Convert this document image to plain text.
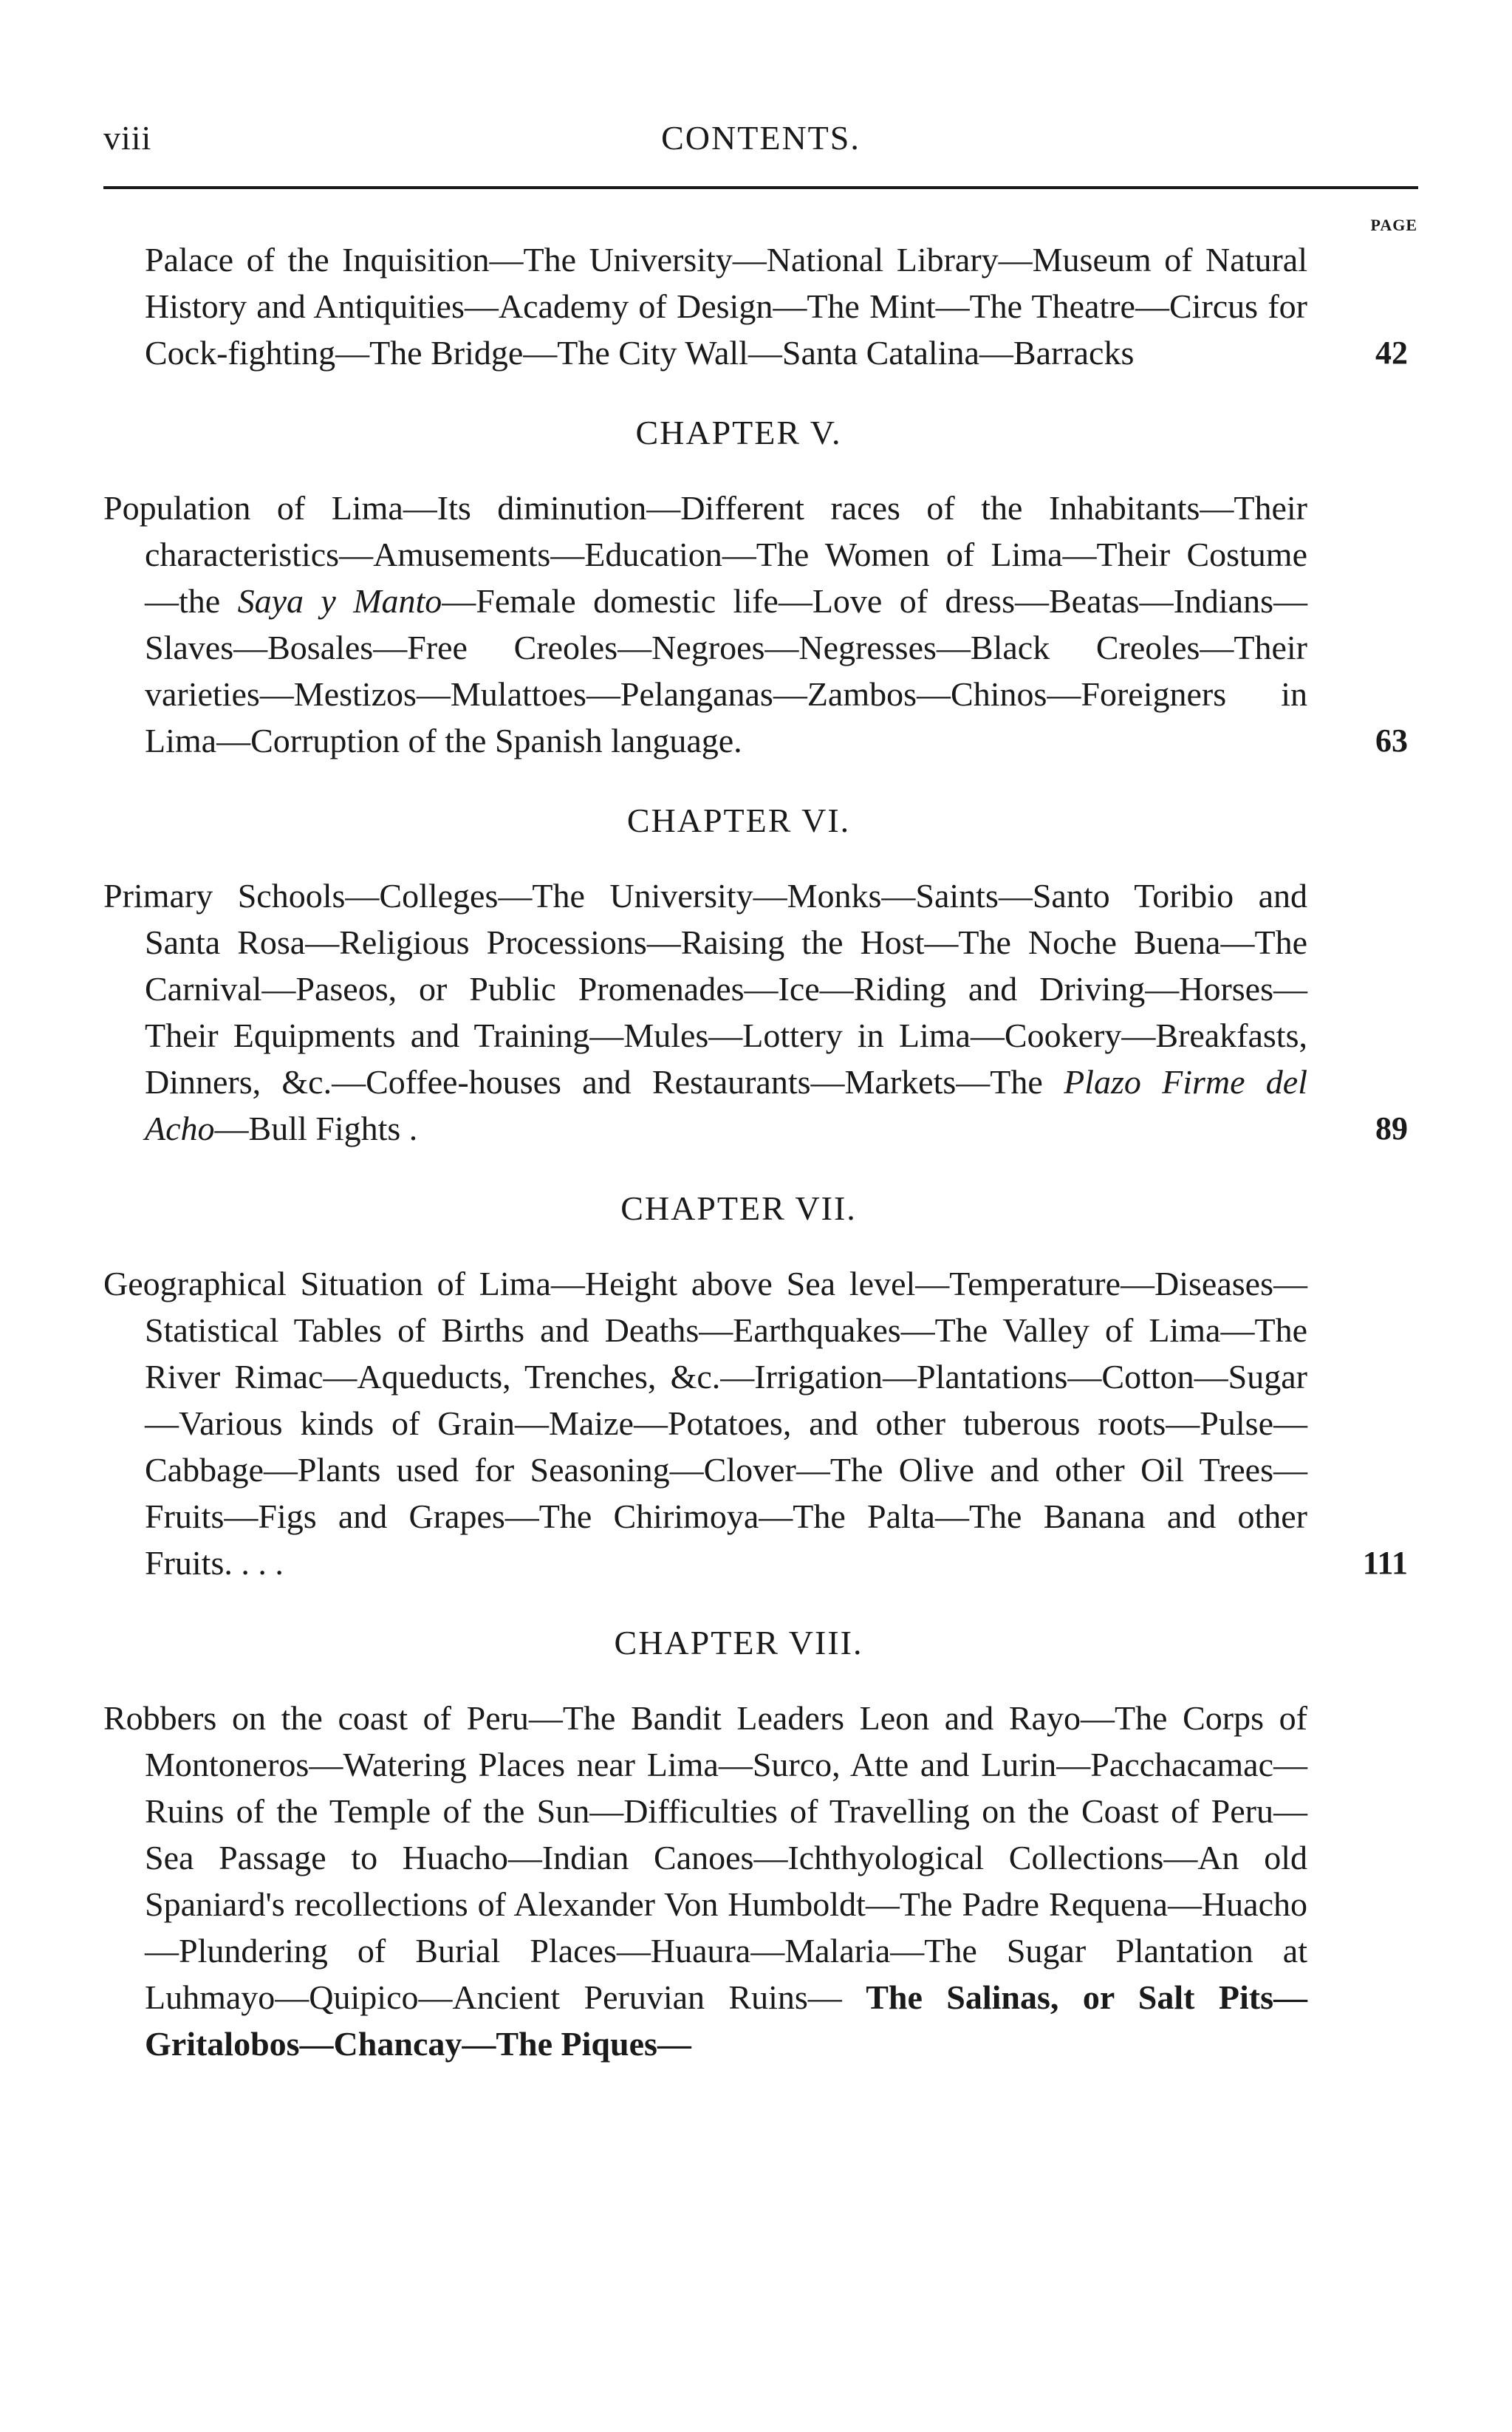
viii	CONTENTS.
PAGE

Palace of the Inquisition—The University—National Library—Museum of Natural History and Antiquities—Academy of Design—The Mint—The Theatre—Circus for Cock-fighting—The Bridge—The City Wall—Santa Catalina—Barracks	42

CHAPTER V.

Population of Lima—Its diminution—Different races of the Inhabitants—Their characteristics—Amusements—Education—The Women of Lima—Their Costume—the Saya y Manto—Female domestic life—Love of dress—Beatas—Indians—Slaves—Bosales—Free Creoles—Negroes—Negresses—Black Creoles—Their varieties—Mestizos—Mulattoes—Pelanganas—Zambos—Chinos—Foreigners in Lima—Corruption of the Spanish language.	63

CHAPTER VI.

Primary Schools—Colleges—The University—Monks—Saints—Santo Toribio and Santa Rosa—Religious Processions—Raising the Host—The Noche Buena—The Carnival—Paseos, or Public Promenades—Ice—Riding and Driving—Horses—Their Equipments and Training—Mules—Lottery in Lima—Cookery—Breakfasts, Dinners, &c.—Coffee-houses and Restaurants—Markets—The Plazo Firme del Acho—Bull Fights .	89

CHAPTER VII.

Geographical Situation of Lima—Height above Sea level—Temperature—Diseases—Statistical Tables of Births and Deaths—Earthquakes—The Valley of Lima—The River Rimac—Aqueducts, Trenches, &c.—Irrigation—Plantations—Cotton—Sugar—Various kinds of Grain—Maize—Potatoes, and other tuberous roots—Pulse—Cabbage—Plants used for Seasoning—Clover—The Olive and other Oil Trees—Fruits—Figs and Grapes—The Chirimoya—The Palta—The Banana and other Fruits. . . .	111

CHAPTER VIII.

Robbers on the coast of Peru—The Bandit Leaders Leon and Rayo—The Corps of Montoneros—Watering Places near Lima—Surco, Atte and Lurin—Pacchacamac—Ruins of the Temple of the Sun—Difficulties of Travelling on the Coast of Peru—Sea Passage to Huacho—Indian Canoes—Ichthyological Collections—An old Spaniard's recollections of Alexander Von Humboldt—The Padre Requena—Huacho—Plundering of Burial Places—Huaura—Malaria—The Sugar Plantation at Luhmayo—Quipico—Ancient Peruvian Ruins— The Salinas, or Salt Pits—Gritalobos—Chancay—The Piques—
